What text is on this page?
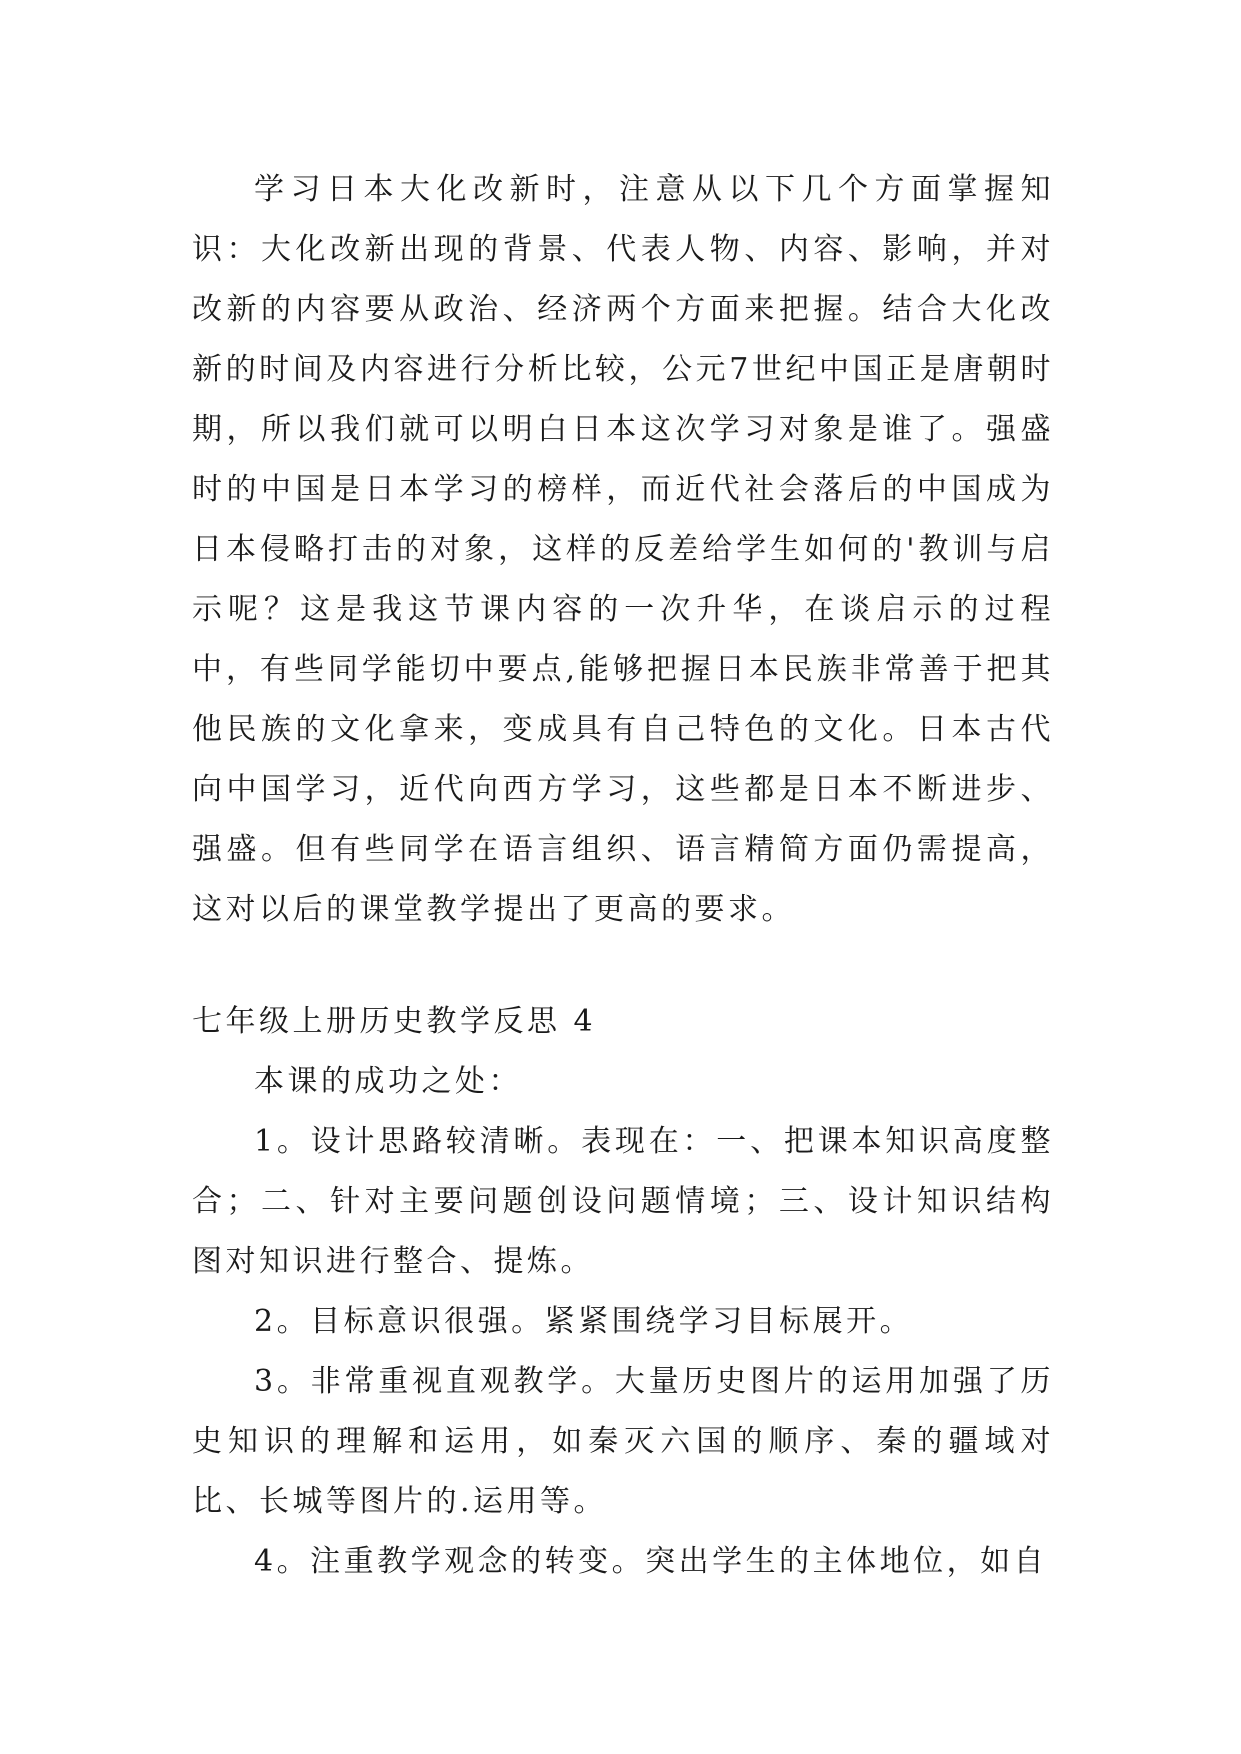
学习日本大化改新时，注意从以下几个方面掌握知识：大化改新出现的背景、代表人物、内容、影响，并对改新的内容要从政治、经济两个方面来把握。结合大化改新的时间及内容进行分析比较，公元7世纪中国正是唐朝时期，所以我们就可以明白日本这次学习对象是谁了。强盛时的中国是日本学习的榜样，而近代社会落后的中国成为日本侵略打击的对象，这样的反差给学生如何的'教训与启示呢？这是我这节课内容的一次升华，在谈启示的过程中，有些同学能切中要点,能够把握日本民族非常善于把其他民族的文化拿来，变成具有自己特色的文化。日本古代向中国学习，近代向西方学习，这些都是日本不断进步、强盛。但有些同学在语言组织、语言精简方面仍需提高，这对以后的课堂教学提出了更高的要求。

七年级上册历史教学反思 4

本课的成功之处：

1。设计思路较清晰。表现在：一、把课本知识高度整合；二、针对主要问题创设问题情境；三、设计知识结构图对知识进行整合、提炼。

2。目标意识很强。紧紧围绕学习目标展开。

3。非常重视直观教学。大量历史图片的运用加强了历史知识的理解和运用，如秦灭六国的顺序、秦的疆域对比、长城等图片的.运用等。

4。注重教学观念的转变。突出学生的主体地位，如自
